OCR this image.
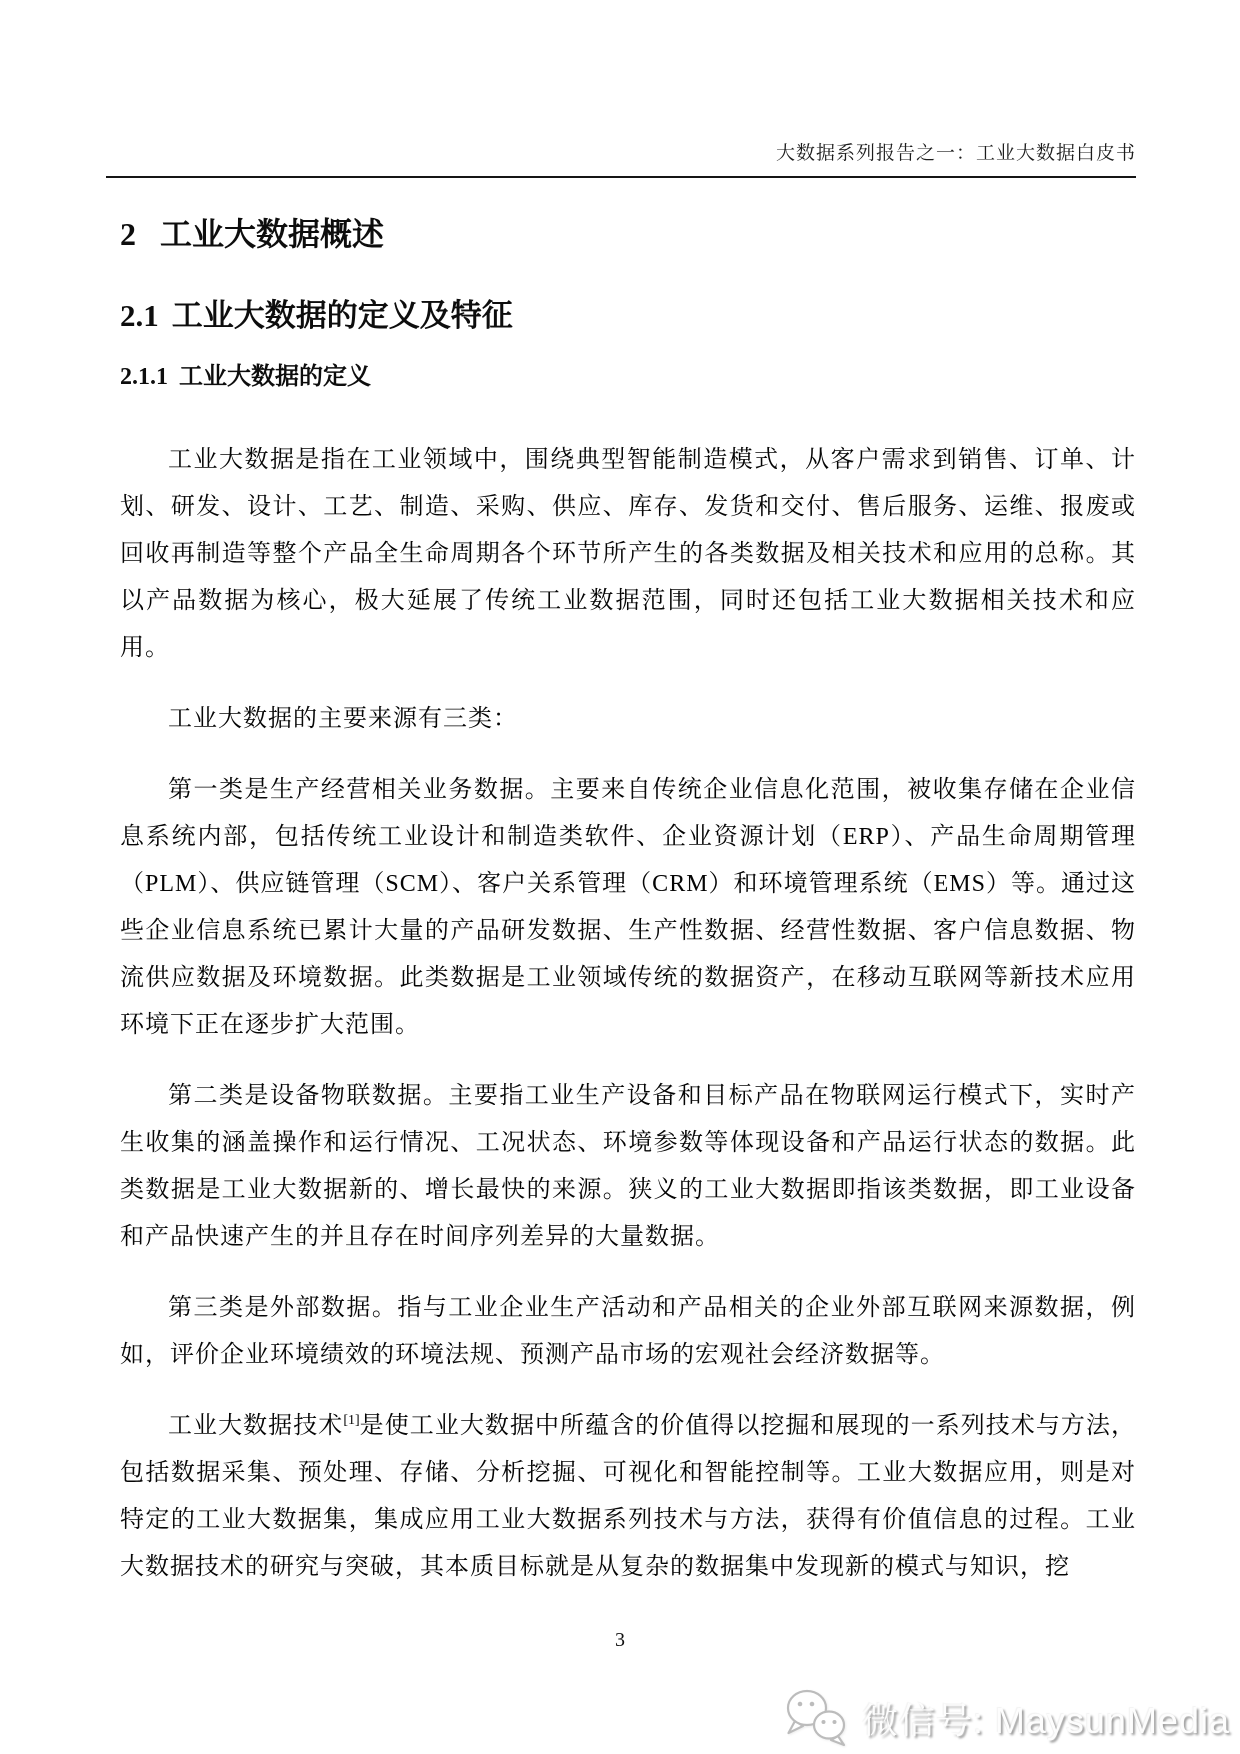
大数据系列报告之一：工业大数据白皮书
2 工业大数据概述
2.1 工业大数据的定义及特征
2.1.1 工业大数据的定义

工业大数据是指在工业领域中，围绕典型智能制造模式，从客户需求到销售、订单、计划、研发、设计、工艺、制造、采购、供应、库存、发货和交付、售后服务、运维、报废或回收再制造等整个产品全生命周期各个环节所产生的各类数据及相关技术和应用的总称。其以产品数据为核心，极大延展了传统工业数据范围，同时还包括工业大数据相关技术和应用。

工业大数据的主要来源有三类：

第一类是生产经营相关业务数据。主要来自传统企业信息化范围，被收集存储在企业信息系统内部，包括传统工业设计和制造类软件、企业资源计划（ERP）、产品生命周期管理（PLM）、供应链管理（SCM）、客户关系管理（CRM）和环境管理系统（EMS）等。通过这些企业信息系统已累计大量的产品研发数据、生产性数据、经营性数据、客户信息数据、物流供应数据及环境数据。此类数据是工业领域传统的数据资产，在移动互联网等新技术应用环境下正在逐步扩大范围。

第二类是设备物联数据。主要指工业生产设备和目标产品在物联网运行模式下，实时产生收集的涵盖操作和运行情况、工况状态、环境参数等体现设备和产品运行状态的数据。此类数据是工业大数据新的、增长最快的来源。狭义的工业大数据即指该类数据，即工业设备和产品快速产生的并且存在时间序列差异的大量数据。

第三类是外部数据。指与工业企业生产活动和产品相关的企业外部互联网来源数据，例如，评价企业环境绩效的环境法规、预测产品市场的宏观社会经济数据等。

工业大数据技术[1]是使工业大数据中所蕴含的价值得以挖掘和展现的一系列技术与方法，包括数据采集、预处理、存储、分析挖掘、可视化和智能控制等。工业大数据应用，则是对特定的工业大数据集，集成应用工业大数据系列技术与方法，获得有价值信息的过程。工业大数据技术的研究与突破，其本质目标就是从复杂的数据集中发现新的模式与知识，挖

3
微信号: MaysunMedia
